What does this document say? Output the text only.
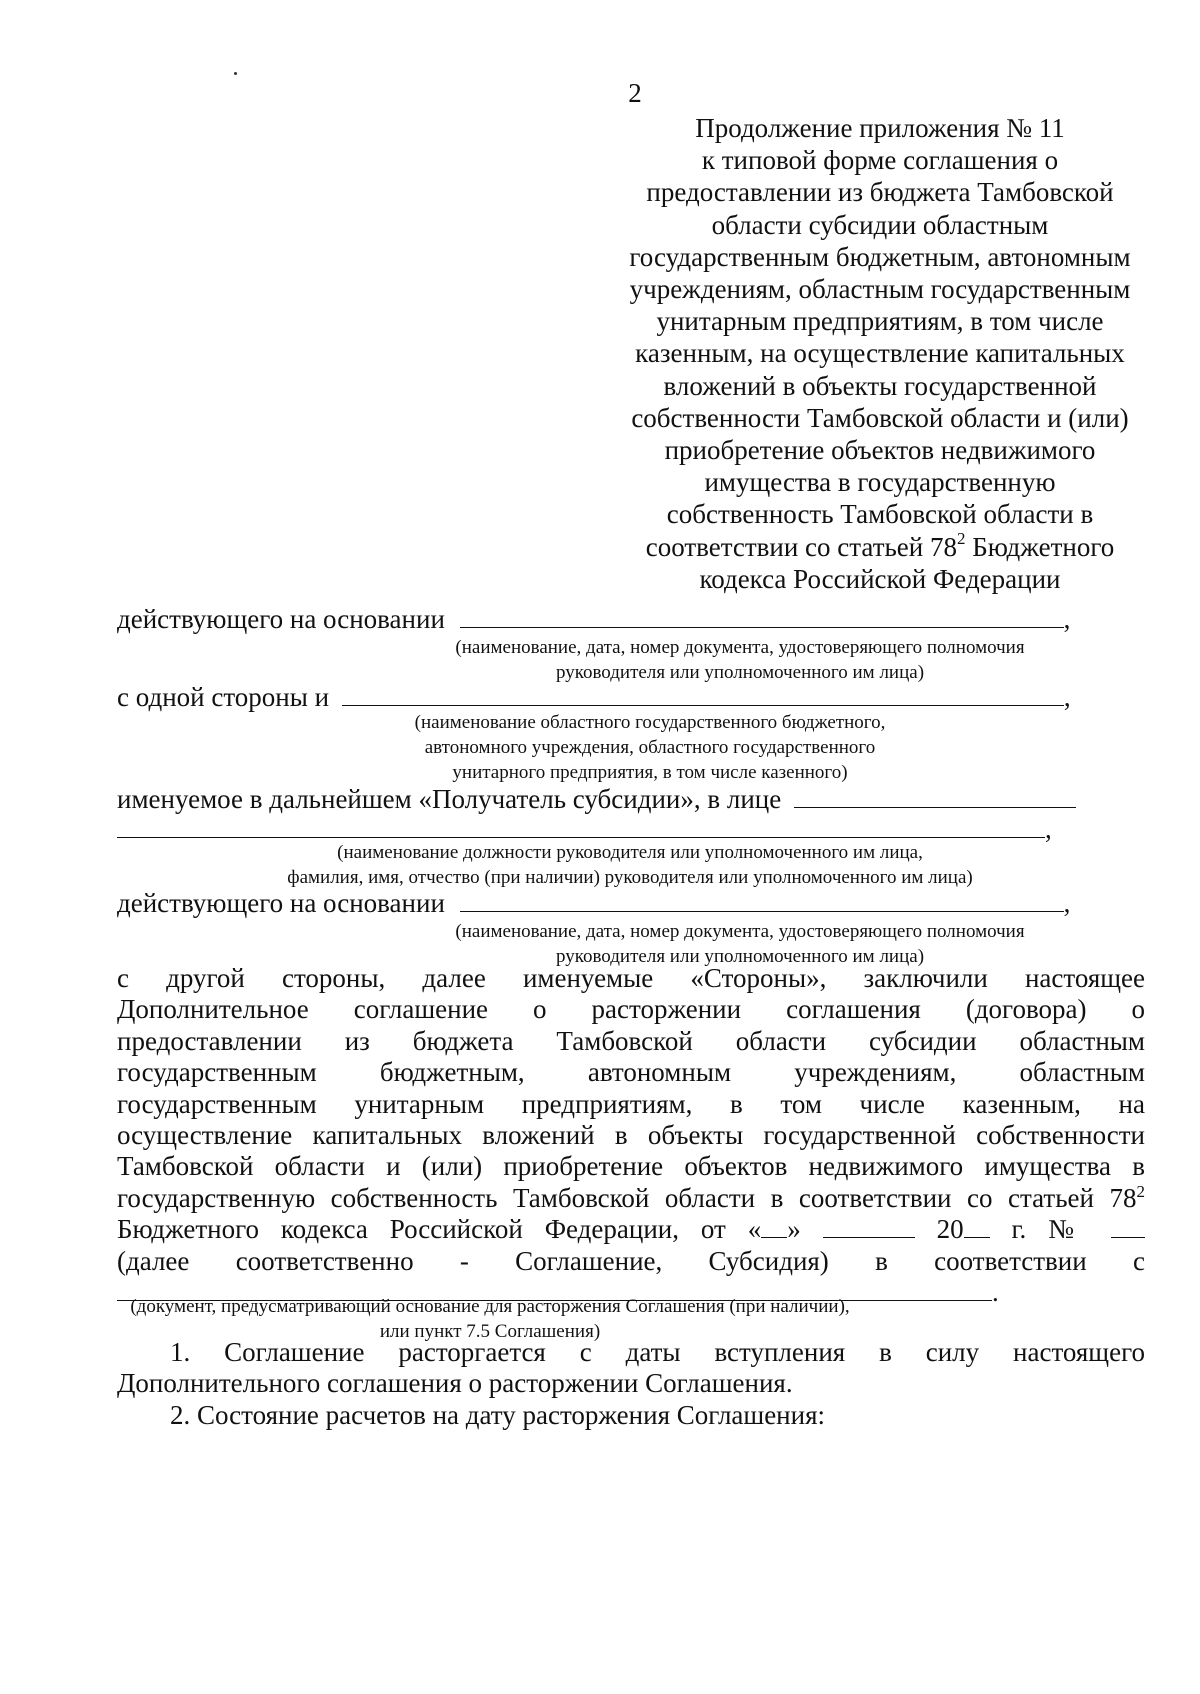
2
Продолжение приложения № 11
к типовой форме соглашения о
предоставлении из бюджета Тамбовской
области субсидии областным
государственным бюджетным, автономным
учреждениям, областным государственным
унитарным предприятиям, в том числе
казенным, на осуществление капитальных
вложений в объекты государственной
собственности Тамбовской области и (или)
приобретение объектов недвижимого
имущества в государственную
собственность Тамбовской области в
соответствии со статьей $78^2$ Бюджетного
кодекса Российской Федерации
действующего на основании	,
(наименование, дата, номер документа, удостоверяющего полномочия
руководителя или уполномоченного им лица)
с одной стороны и	,
(наименование областного государственного бюджетного,
автономного учреждения, областного государственного
унитарного предприятия, в том числе казенного)
именуемое в дальнейшем «Получатель субсидии», в лице
,
(наименование должности руководителя или уполномоченного им лица,
фамилия, имя, отчество (при наличии) руководителя или уполномоченного им лица)
действующего на основании	,
(наименование, дата, номер документа, удостоверяющего полномочия
руководителя или уполномоченного им лица)
с другой стороны, далее именуемые «Стороны», заключили настоящее
Дополнительное соглашение о расторжении соглашения (договора) о
предоставлении из бюджета Тамбовской области субсидии областным
государственным бюджетным, автономным учреждениям, областным
государственным унитарным предприятиям, в том числе казенным, на
осуществление капитальных вложений в объекты государственной собственности
Тамбовской области и (или) приобретение объектов недвижимого имущества в
государственную собственность Тамбовской области в соответствии со статьей $78^2$
Бюджетного кодекса Российской Федерации, от « »	20 г. №
(далее соответственно - Соглашение, Субсидия) в соответствии с
.
(документ, предусматривающий основание для расторжения Соглашения (при наличии),
или пункт 7.5 Соглашения)
1. Соглашение расторгается с даты вступления в силу настоящего
Дополнительного соглашения о расторжении Соглашения.
2. Состояние расчетов на дату расторжения Соглашения:
